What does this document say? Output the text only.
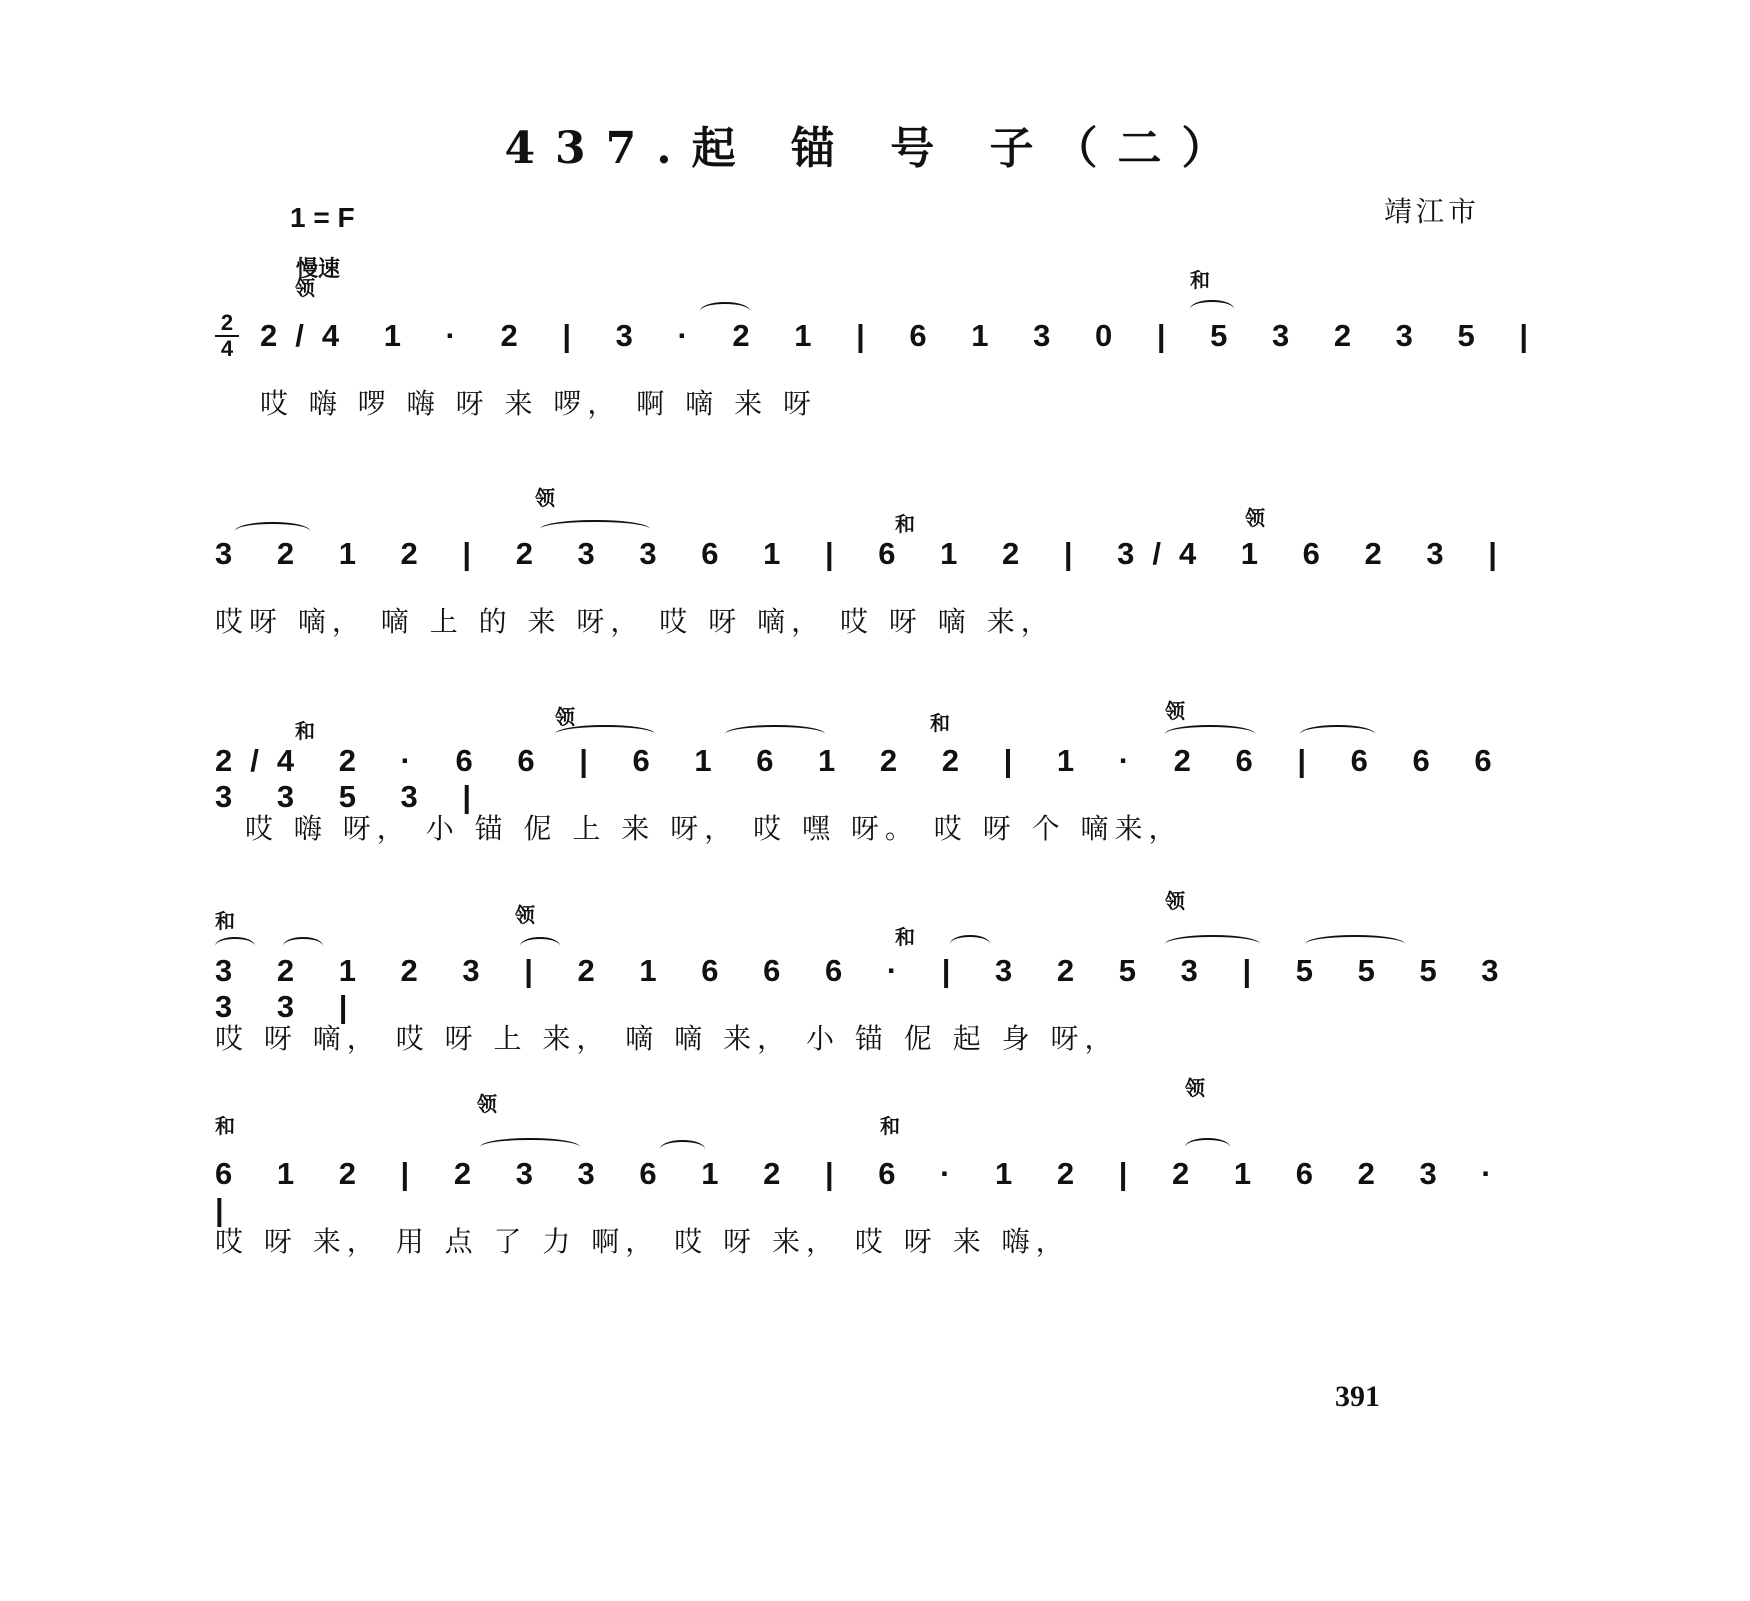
437.起 锚 号 子（二）
靖江市
1 = F
慢速
领	和
2
4 2/4 1 · 2 | 3 · 2 1 | 6 1 3 0 | 5 3 2 3 5 |
哎 嗨 啰 嗨 呀 来 啰， 啊 嘀 来 呀
领
和	领
3 2 1 2 | 2 3 3 6 1 | 6 1 2 | 3/4 1 6 2 3 |
哎呀 嘀， 嘀 上 的 来 呀， 哎 呀 嘀， 哎 呀 嘀 来，
和
领	和	领
2/4 2 · 6 6 | 6 1 6 1 2 2 | 1 · 2 6 | 6 6 6 3 3 5 3 |
哎 嗨 呀， 小 锚 伲 上 来 呀， 哎 嘿 呀。 哎 呀 个 嘀来，
和	领
和
领
3 2 1 2 3 | 2 1 6 6 6 · | 3 2 5 3 | 5 5 5 3 3 3 |
哎 呀 嘀， 哎 呀 上 来， 嘀 嘀 来， 小 锚 伲 起 身 呀，
和
领
和
领
6 1 2 | 2 3 3 6 1 2 | 6 · 1 2 | 2 1 6 2 3 · |
哎 呀 来， 用 点 了 力 啊， 哎 呀 来， 哎 呀 来 嗨，
391
